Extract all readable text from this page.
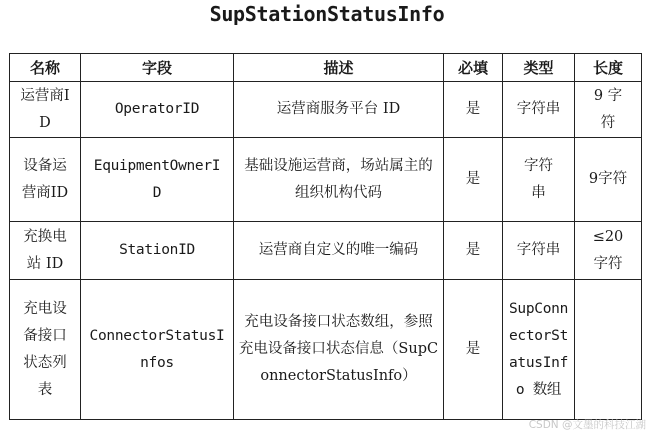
SupStationStatusInfo
名称	字段	描述	必填	类型	长度
运营商ID	OperatorID	运营商服务平台 ID	是	字符串	9 字符
设备运营商ID	EquipmentOwnerID	基础设施运营商，场站属主的组织机构代码	是	字符串	9字符
充换电站 ID	StationID	运营商自定义的唯一编码	是	字符串	≤20字符
充电设备接口状态列表	ConnectorStatusInfos	充电设备接口状态数组，参照充电设备接口状态信息（SupConnectorStatusInfo）	是	SupConnectorStatusInfo 数组	
CSDN @文墨的科技江湖
